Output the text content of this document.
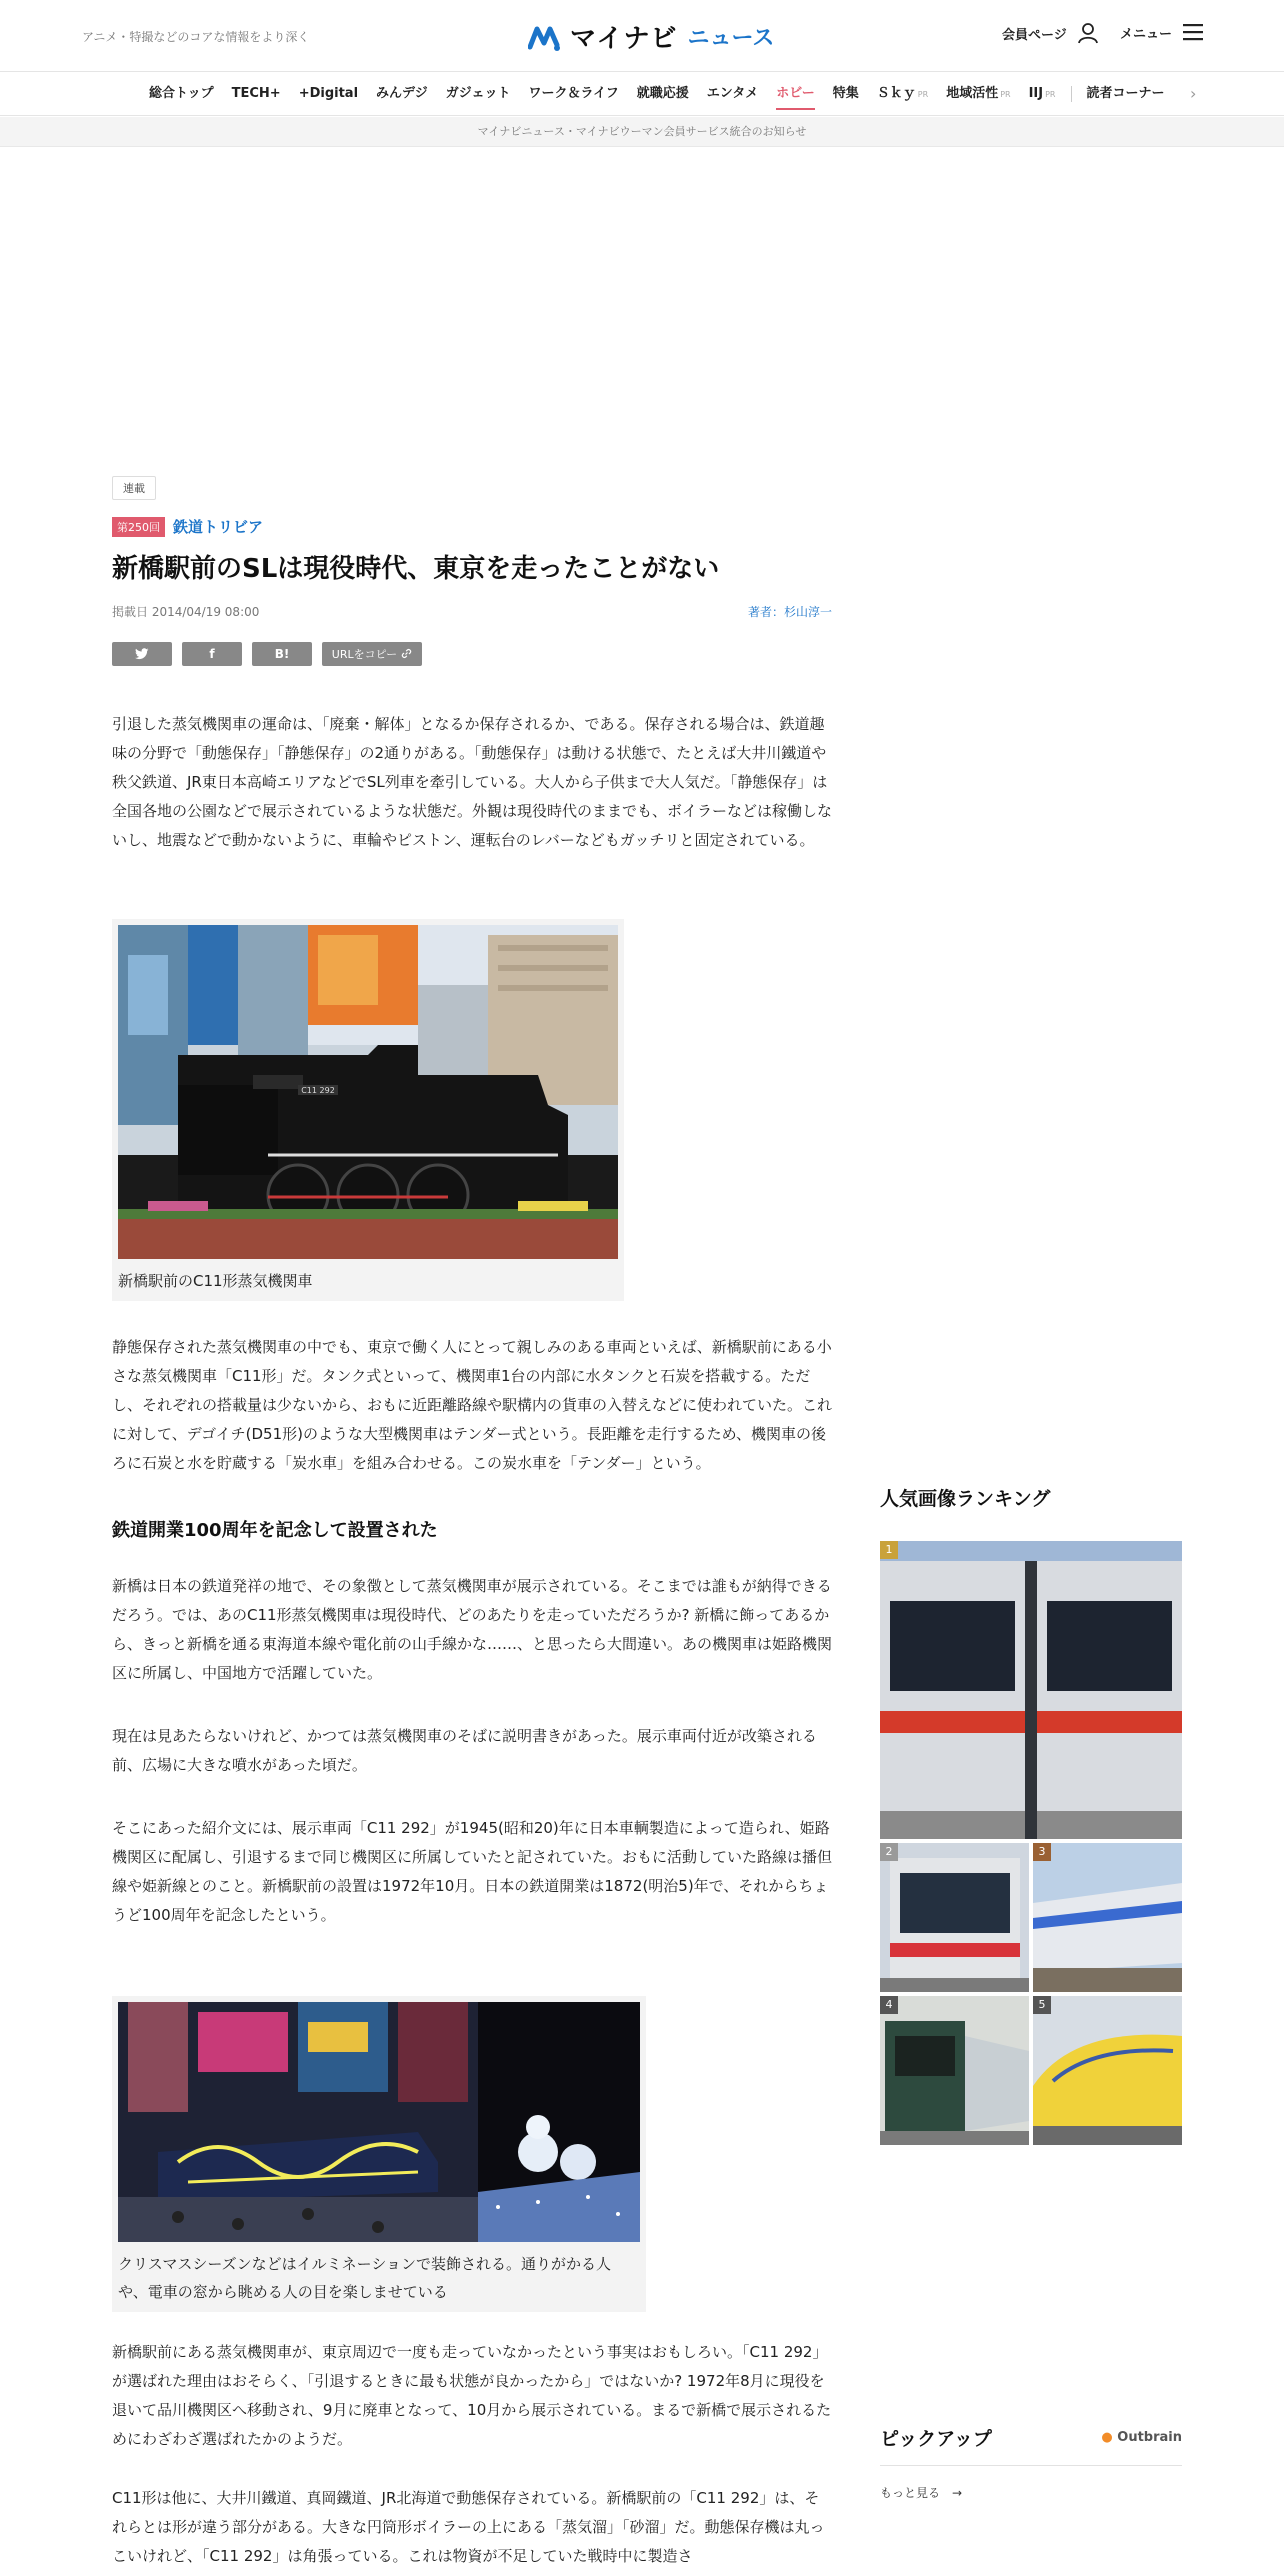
アニメ・特撮などのコアな情報をより深く	マイナビ ニュース	会員ページ	メニュー
総合トップ	TECH+	+Digital	みんデジ	ガジェット	ワーク＆ライフ	就職応援	エンタメ	ホビー	特集	Ｓｋｙ PR	地域活性 PR	IIJ PR	読者コーナー	›
マイナビニュース・マイナビウーマン会員サービス統合のお知らせ
連載
第250回 鉄道トリビア
新橋駅前のSLは現役時代、東京を走ったことがない
掲載日 2014/04/19 08:00	著者：杉山淳一
f	B!	URLをコピー

引退した蒸気機関車の運命は、「廃棄・解体」となるか保存されるか、である。保存される場合は、鉄道趣味の分野で「動態保存」「静態保存」の2通りがある。「動態保存」は動ける状態で、たとえば大井川鐵道や秩父鉄道、JR東日本高崎エリアなどでSL列車を牽引している。大人から子供まで大人気だ。「静態保存」は全国各地の公園などで展示されているような状態だ。外観は現役時代のままでも、ボイラーなどは稼働しないし、地震などで動かないように、車輪やピストン、運転台のレバーなどもガッチリと固定されている。

C11 292
新橋駅前のC11形蒸気機関車

静態保存された蒸気機関車の中でも、東京で働く人にとって親しみのある車両といえば、新橋駅前にある小さな蒸気機関車「C11形」だ。タンク式といって、機関車1台の内部に水タンクと石炭を搭載する。ただし、それぞれの搭載量は少ないから、おもに近距離路線や駅構内の貨車の入替えなどに使われていた。これに対して、デゴイチ(D51形)のような大型機関車はテンダー式という。長距離を走行するため、機関車の後ろに石炭と水を貯蔵する「炭水車」を組み合わせる。この炭水車を「テンダー」という。

鉄道開業100周年を記念して設置された

新橋は日本の鉄道発祥の地で、その象徴として蒸気機関車が展示されている。そこまでは誰もが納得できるだろう。では、あのC11形蒸気機関車は現役時代、どのあたりを走っていただろうか? 新橋に飾ってあるから、きっと新橋を通る東海道本線や電化前の山手線かな……、と思ったら大間違い。あの機関車は姫路機関区に所属し、中国地方で活躍していた。

現在は見あたらないけれど、かつては蒸気機関車のそばに説明書きがあった。展示車両付近が改築される前、広場に大きな噴水があった頃だ。

そこにあった紹介文には、展示車両「C11 292」が1945(昭和20)年に日本車輌製造によって造られ、姫路機関区に配属し、引退するまで同じ機関区に所属していたと記されていた。おもに活動していた路線は播但線や姫新線とのこと。新橋駅前の設置は1972年10月。日本の鉄道開業は1872(明治5)年で、それからちょうど100周年を記念したという。

クリスマスシーズンなどはイルミネーションで装飾される。通りがかる人や、電車の窓から眺める人の目を楽しませている

新橋駅前にある蒸気機関車が、東京周辺で一度も走っていなかったという事実はおもしろい。「C11 292」が選ばれた理由はおそらく、「引退するときに最も状態が良かったから」ではないか? 1972年8月に現役を退いて品川機関区へ移動され、9月に廃車となって、10月から展示されている。まるで新橋で展示されるためにわざわざ選ばれたかのようだ。

C11形は他に、大井川鐵道、真岡鐵道、JR北海道で動態保存されている。新橋駅前の「C11 292」は、それらとは形が違う部分がある。大きな円筒形ボイラーの上にある「蒸気溜」「砂溜」だ。動態保存機は丸っこいけれど、「C11 292」は角張っている。これは物資が不足していた戦時中に製造さ

人気画像ランキング
1
2	3
4	5
ピックアップ	● Outbrain
もっと見る　→
